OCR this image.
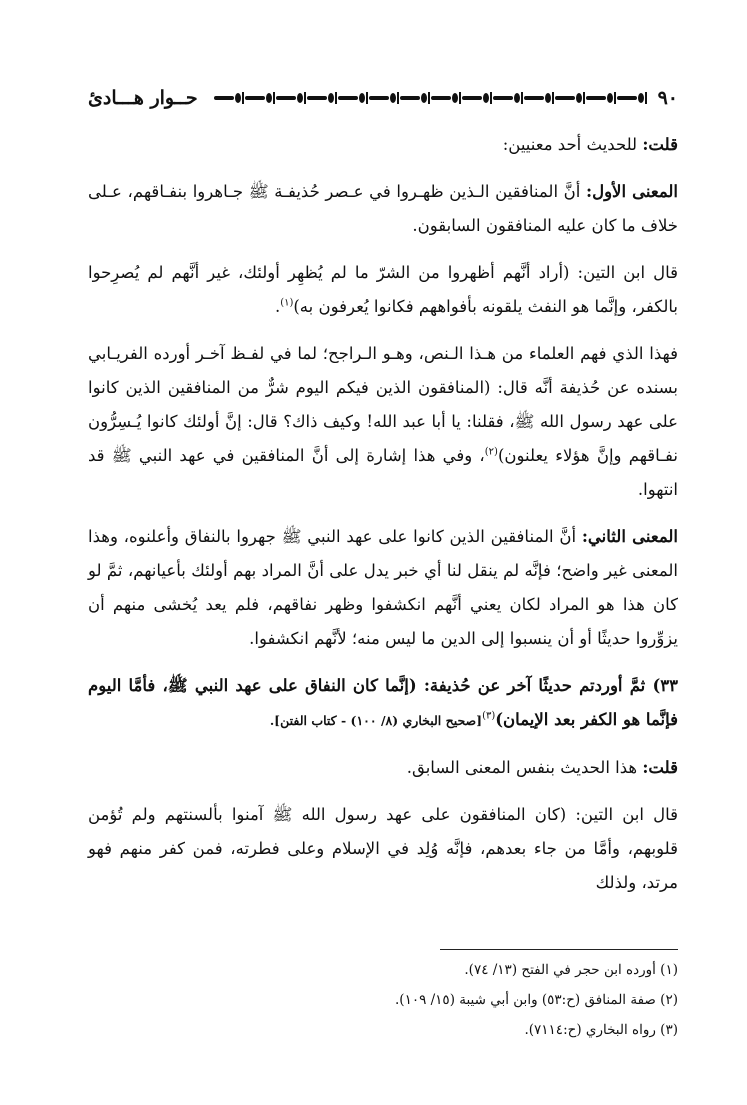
٩٠
حــوار هـــادئ

قلت: للحديث أحد معنيين:

المعنى الأول: أنَّ المنافقين الـذين ظهـروا في عـصر حُذيفـة ﷺ جـاهروا بنفـاقهم، عـلى خلاف ما كان عليه المنافقون السابقون.

قال ابن التين: (أراد أنَّهم أظهروا من الشرّ ما لم يُظهِر أولئك، غير أنَّهم لم يُصرِحوا بالكفر، وإنَّما هو النفث يلقونه بأفواههم فكانوا يُعرفون به)$^{(١)}$.

فهذا الذي فهم العلماء من هـذا الـنص، وهـو الـراجح؛ لما في لفـظ آخـر أورده الفريـابي بسنده عن حُذيفة أنَّه قال: (المنافقون الذين فيكم اليوم شرٌّ من المنافقين الذين كانوا على عهد رسول الله ﷺ، فقلنا: يا أبا عبد الله! وكيف ذاك؟ قال: إنَّ أولئك كانوا يُـسِرُّون نفـاقهم وإنَّ هؤلاء يعلنون)$^{(٢)}$، وفي هذا إشارة إلى أنَّ المنافقين في عهد النبي ﷺ قد انتهوا.

المعنى الثاني: أنَّ المنافقين الذين كانوا على عهد النبي ﷺ جهروا بالنفاق وأعلنوه، وهذا المعنى غير واضح؛ فإنَّه لم ينقل لنا أي خبر يدل على أنَّ المراد بهم أولئك بأعيانهم، ثمَّ لو كان هذا هو المراد لكان يعني أنَّهم انكشفوا وظهر نفاقهم، فلم يعد يُخشى منهم أن يزوِّروا حديثًا أو أن ينسبوا إلى الدين ما ليس منه؛ لأنَّهم انكشفوا.

٣٣) ثمَّ أوردتم حديثًا آخر عن حُذيفة: (إنَّما كان النفاق على عهد النبي ﷺ، فأمَّا اليوم فإنَّما هو الكفر بعد الإيمان)$^{(٣)}$[صحيح البخاري (٨/ ١٠٠) - كتاب الفتن].

قلت: هذا الحديث بنفس المعنى السابق.

قال ابن التين: (كان المنافقون على عهد رسول الله ﷺ آمنوا بألسنتهم ولم تُؤمن قلوبهم، وأمَّا من جاء بعدهم، فإنَّه وُلِد في الإسلام وعلى فطرته، فمن كفر منهم فهو مرتد، ولذلك

(١) أورده ابن حجر في الفتح (١٣/ ٧٤).
(٢) صفة المنافق (ح:٥٣) وابن أبي شيبة (١٥/ ١٠٩).
(٣) رواه البخاري (ح:٧١١٤).
